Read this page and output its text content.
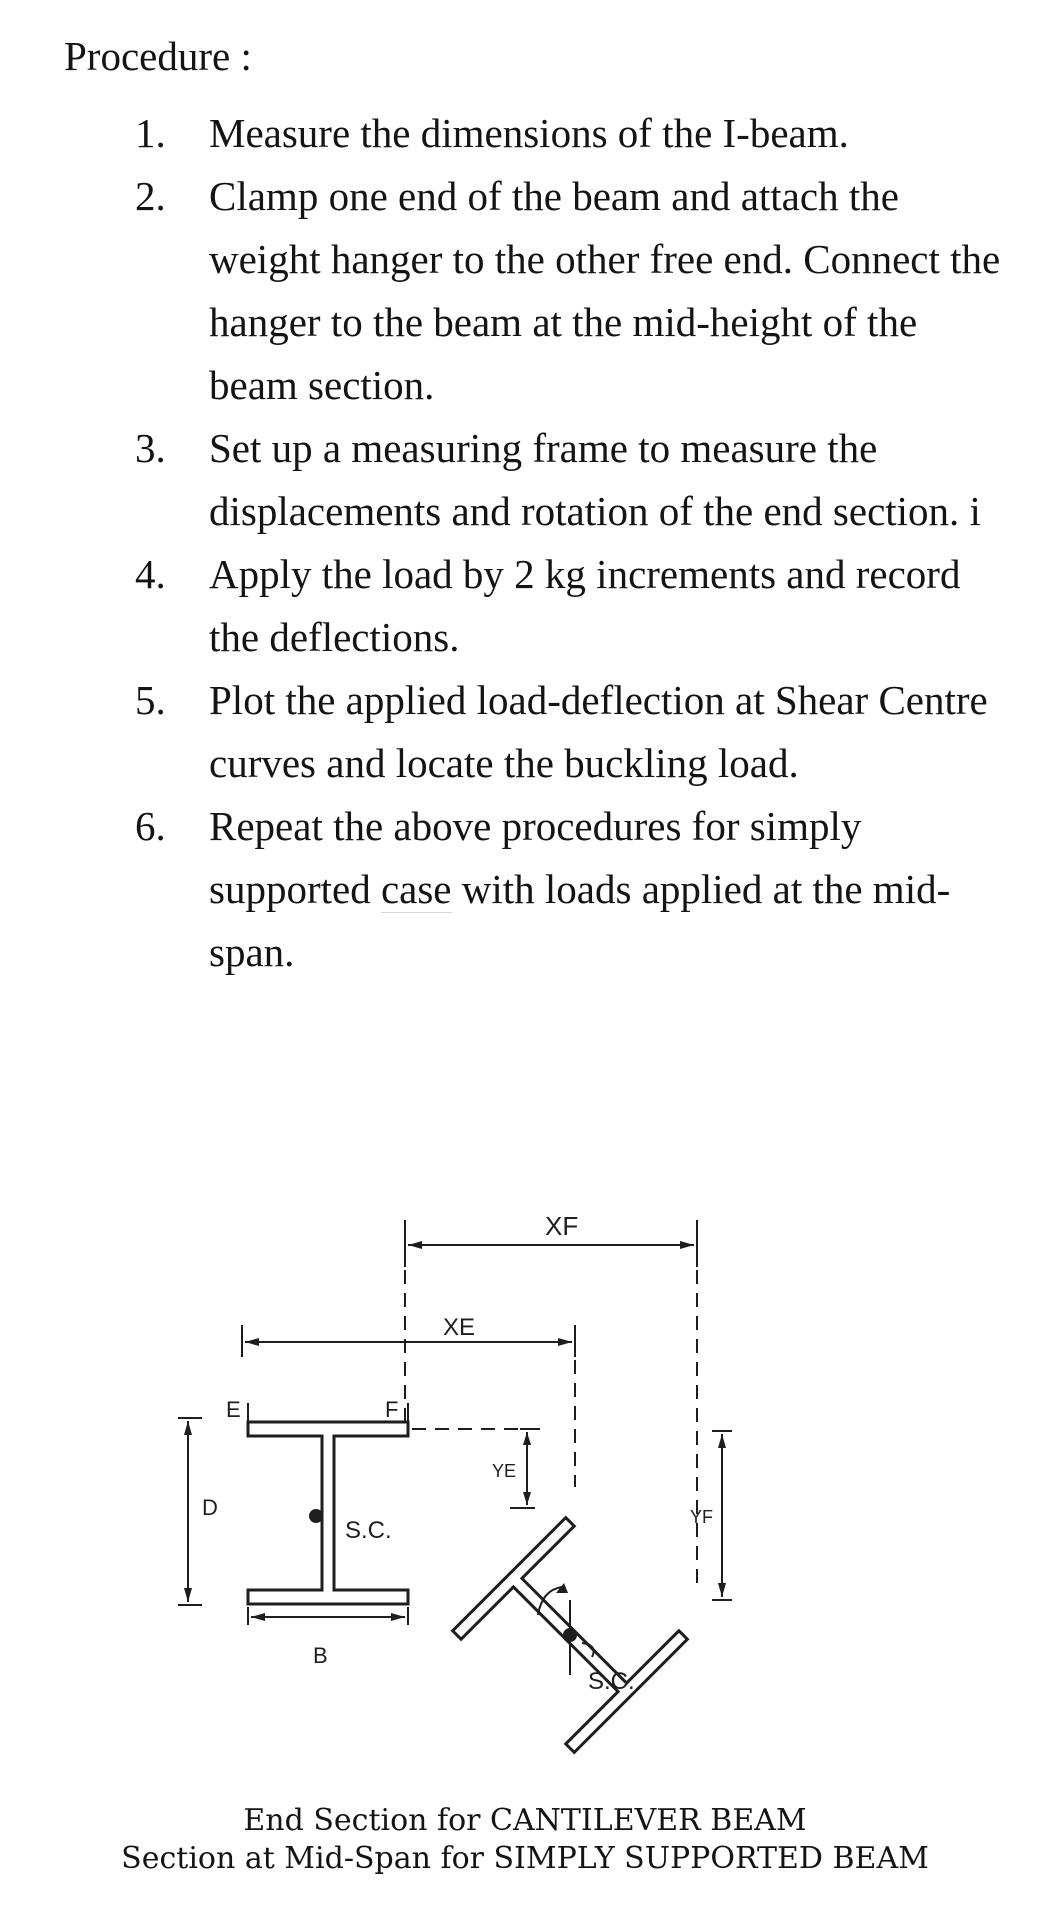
Procedure :
1. Measure the dimensions of the I-beam.
2. Clamp one end of the beam and attach the weight hanger to the other free end. Connect the hanger to the beam at the mid-height of the beam section.
3. Set up a measuring frame to measure the displacements and rotation of the end section. i
4. Apply the load by 2 kg increments and record the deflections.
5. Plot the applied load-deflection at Shear Centre curves and locate the buckling load.
6. Repeat the above procedures for simply supported case with loads applied at the mid-span.
XF
XE
E	F
D
B
YE
YF
S.C.
S.C.
End Section for CANTILEVER BEAM
Section at Mid-Span for SIMPLY SUPPORTED BEAM
